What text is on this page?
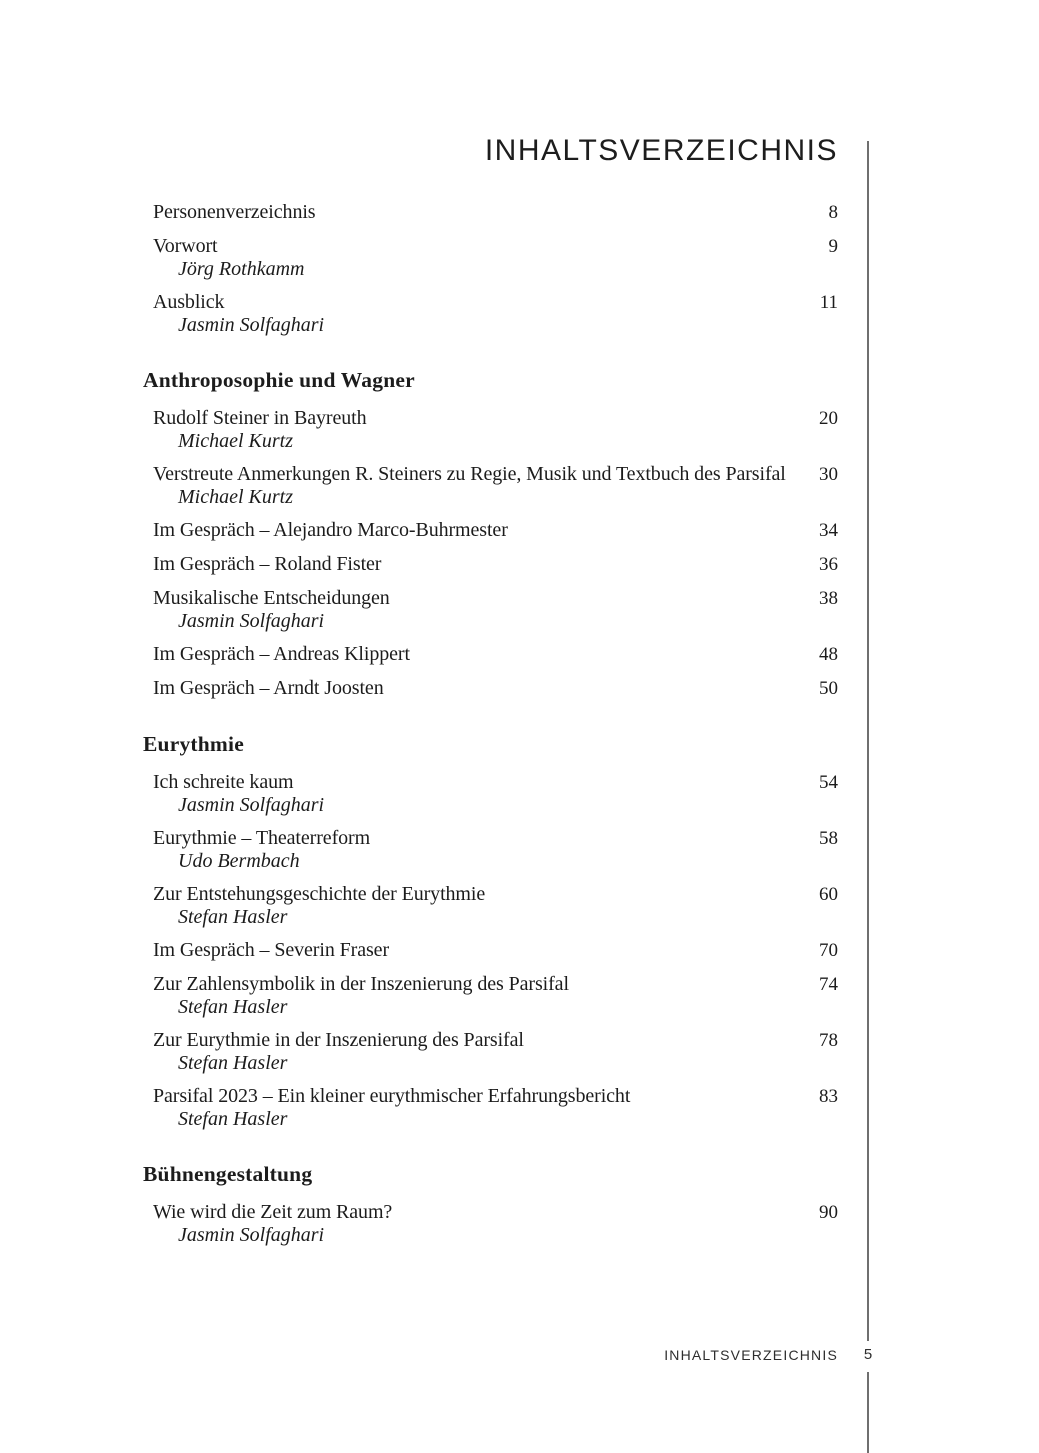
INHALTSVERZEICHNIS
Personenverzeichnis	8
Vorwort	9
Jörg Rothkamm
Ausblick	11
Jasmin Solfaghari
Anthroposophie und Wagner
Rudolf Steiner in Bayreuth	20
Michael Kurtz
Verstreute Anmerkungen R. Steiners zu Regie, Musik und Textbuch des Parsifal	30
Michael Kurtz
Im Gespräch – Alejandro Marco-Buhrmester	34
Im Gespräch – Roland Fister	36
Musikalische Entscheidungen	38
Jasmin Solfaghari
Im Gespräch – Andreas Klippert	48
Im Gespräch – Arndt Joosten	50
Eurythmie
Ich schreite kaum	54
Jasmin Solfaghari
Eurythmie – Theaterreform	58
Udo Bermbach
Zur Entstehungsgeschichte der Eurythmie	60
Stefan Hasler
Im Gespräch – Severin Fraser	70
Zur Zahlensymbolik in der Inszenierung des Parsifal	74
Stefan Hasler
Zur Eurythmie in der Inszenierung des Parsifal	78
Stefan Hasler
Parsifal 2023 – Ein kleiner eurythmischer Erfahrungsbericht	83
Stefan Hasler
Bühnengestaltung
Wie wird die Zeit zum Raum?	90
Jasmin Solfaghari
INHALTSVERZEICHNIS	5
